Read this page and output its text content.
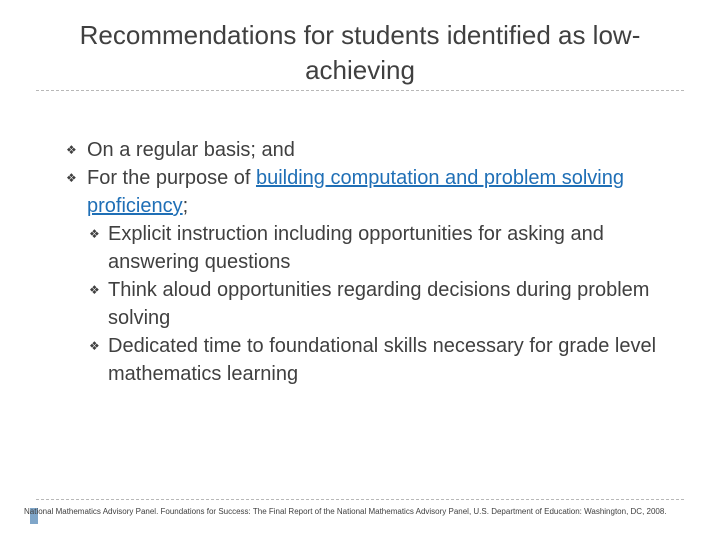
Recommendations for students identified as low-achieving
❖ On a regular basis; and
❖ For the purpose of building computation and problem solving proficiency;
❖ Explicit instruction including opportunities for asking and answering questions
❖ Think aloud opportunities regarding decisions during problem solving
❖ Dedicated time to foundational skills necessary for grade level mathematics learning
National Mathematics Advisory Panel. Foundations for Success: The Final Report of the National Mathematics Advisory Panel, U.S. Department of Education: Washington, DC, 2008.
